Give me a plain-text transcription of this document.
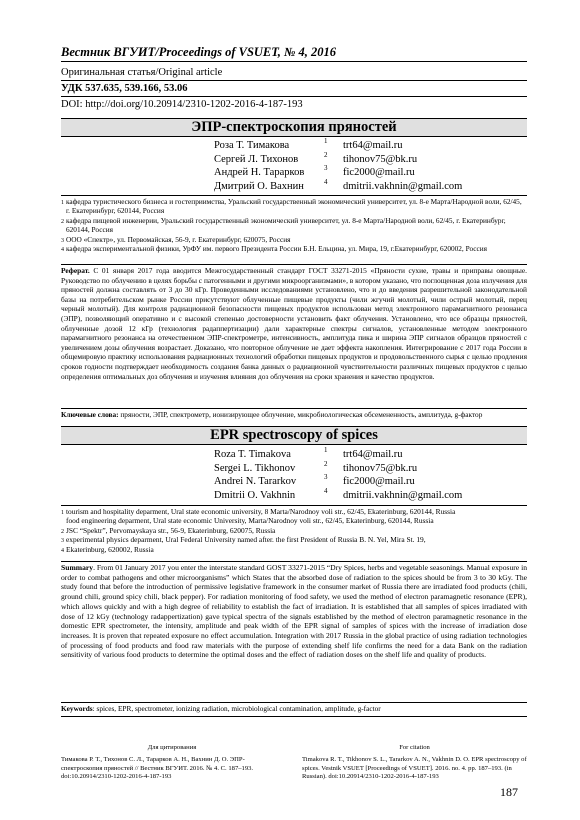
Вестник ВГУИТ/Proceedings of VSUET, № 4, 2016
Оригинальная статья/Original article
УДК 537.635, 539.166, 53.06
DOI: http://doi.org/10.20914/2310-1202-2016-4-187-193
ЭПР-спектроскопия пряностей
Роза Т. Тимакова	1 trt64@mail.ru
Сергей Л. Тихонов	2 tihonov75@bk.ru
Андрей Н. Тарарков	3 fic2000@mail.ru
Дмитрий О. Вахнин	4 dmitrii.vakhnin@gmail.com
1 кафедра туристического бизнеса и гостеприимства, Уральский государственный экономический университет, ул. 8-е Марта/Народной воли, 62/45, г. Екатеринбург, 620144, Россия
2 кафедра пищевой инженерии, Уральский государственный экономический университет, ул. 8-е Марта/Народной воли, 62/45, г. Екатеринбург, 620144, Россия
3 ООО «Спектр», ул. Первомайская, 56-9, г. Екатеринбург, 620075, Россия
4 кафедра экспериментальной физики, УрФУ им. первого Президента России Б.Н. Ельцина, ул. Мира, 19, г.Екатеринбург, 620002, Россия
Реферат. С 01 января 2017 года вводится Межгосударственный стандарт ГОСТ 33271-2015 «Пряности сухие, травы и приправы овощные. Руководство по облучению в целях борьбы с патогенными и другими микроорганизмами», в котором указано, что поглощенная доза излучения для пряностей должна составлять от 3 до 30 кГр. Проведенными исследованиями установлено, что и до введения разрешительной законодательной базы на потребительском рынке России присутствуют облученные пищевые продукты (чили жгучий молотый, чили острый молотый, перец черный молотый). Для контроля радиационной безопасности пищевых продуктов использован метод электронного парамагнитного резонанса (ЭПР), позволяющий оперативно и с высокой степенью достоверности установить факт облучения. Установлено, что все образцы пряностей, облученные дозой 12 кГр (технология радаппертизации) дали характерные спектры сигналов, установленные методом электронного парамагнитного резонанса на отечественном ЭПР-спектрометре, интенсивность, амплитуда пика и ширина ЭПР сигналов образцов пряностей с увеличением дозы облучения возрастает. Доказано, что повторное облучение не дает эффекта накопления. Интегрирование с 2017 года России в общемировую практику использования радиационных технологий обработки пищевых продуктов и продовольственного сырья с целью продления сроков годности подтверждает необходимость создания банка данных о радиационной чувствительности различных пищевых продуктов с целью определения оптимальных доз облучения и изучения влияния доз облучения на сроки хранения и качество продуктов.
Ключевые слова: пряности, ЭПР, спектрометр, ионизирующее облучение, микробиологическая обсемененность, амплитуда, g-фактор
EPR spectroscopy of spices
Roza T. Timakova	1 trt64@mail.ru
Sergei L. Tikhonov	2 tihonov75@bk.ru
Andrei N. Tararkov	3 fic2000@mail.ru
Dmitrii O. Vakhnin	4 dmitrii.vakhnin@gmail.com
1 tourism and hospitality deparment, Ural state economic university, 8 Marta/Narodnoy voli str., 62/45, Ekaterinburg, 620144, Russia
food engineering deparment, Ural state economic University, Marta/Narodnoy voli str., 62/45, Ekaterinburg, 620144, Russia
2 JSC “Spektr”, Pervomayskaya str., 56-9, Ekaterinburg, 620075, Russia
3 experimental physics deparment, Ural Federal University named after. the first President of Russia B. N. Yel, Mira St. 19,
4 Ekaterinburg, 620002, Russia
Summary. From 01 January 2017 you enter the interstate standard GOST 33271-2015 “Dry Spices, herbs and vegetable seasonings. Manual exposure in order to combat pathogens and other microorganisms” which States that the absorbed dose of radiation to the spices should be from 3 to 30 kGy. The study found that before the introduction of permissive legislative framework in the consumer market of Russia there are irradiated food products (chili, ground chili, ground spicy chili, black pepper). For radiation monitoring of food safety, we used the method of electron paramagnetic resonance (EPR), which allows quickly and with a high degree of reliability to establish the fact of irradiation. It is established that all samples of spices irradiated with dose of 12 kGy (technology radappertization) gave typical spectra of the signals established by the method of electron paramagnetic resonance in the domestic EPR spectrometer, the intensity, amplitude and peak width of the EPR signal of samples of spices with the increase of irradiation dose increases. It is proven that repeated exposure no effect accumulation. Integration with 2017 Russia in the global practice of using radiation technologies of processing of food products and food raw materials with the purpose of extending shelf life confirms the need for a data Bank on the radiation sensitivity of various food products to determine the optimal doses and the effect of radiation doses on the shelf life and quality of products.
Keywords: spices, EPR, spectrometer, ionizing radiation, microbiological contamination, amplitude, g-factor
Для цитирования
Тимакова Р. Т., Тихонов С. Л., Тарарков А. Н., Вахнин Д. О. ЭПР-спектроскопия пряностей // Вестник ВГУИТ. 2016. № 4. С. 187–193. doi:10.20914/2310-1202-2016-4-187-193
For citation
Timakova R. T., Tikhonov S. L., Tararkov A. N., Vakhnin D. O. EPR spectroscopy of spices. Vestnik VSUET [Proceedings of VSUET]. 2016. no. 4. pp. 187–193. (in Russian). doi:10.20914/2310-1202-2016-4-187-193
187
